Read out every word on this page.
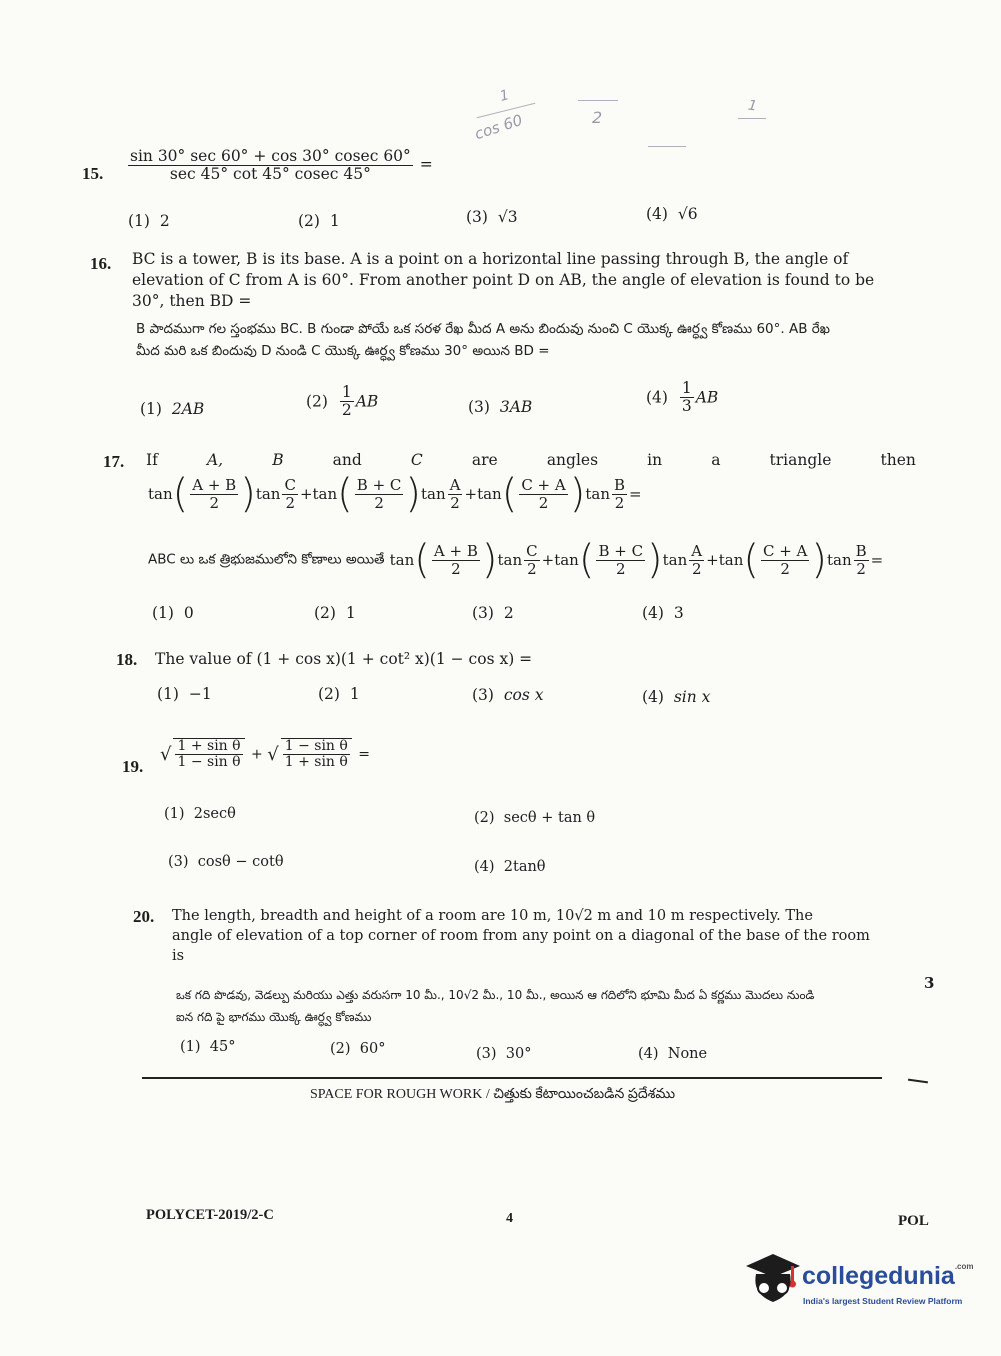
cos 60
1
2
1
15. $\frac{\sin 30^\circ \sec 60^\circ + \cos 30^\circ cosec 60^\circ}{\sec 45^\circ \cot 45^\circ cosec 45^\circ}$ =
(1) 2	(2) 1	(3) √3	(4) √6
16. BC is a tower, B is its base. A is a point on a horizontal line passing through B, the angle of
elevation of C from A is 60°. From another point D on AB, the angle of elevation is found to be
30°, then BD =
B పాదముగా గల స్తంభము BC. B గుండా పోయే ఒక సరళ రేఖ మీద A అను బిందువు నుంచి C యొక్క ఊర్ధ్వ కోణము 60°. AB రేఖ
మీద మరి ఒక బిందువు D నుండి C యొక్క ఊర్ధ్వ కోణము 30° అయిన BD =
(1) 2AB	$(2) \frac{1}{2}$ AB	(3) 3AB
$(4) \frac{1}{3}$ AB
17. If	A,	B	and	C	are	angles	in	a	triangle	then
$\tan( \frac{A + B}{2} )\tan \frac{C}{2} +\tan( \frac{B + C}{2} )\tan \frac{A}{2} +\tan( \frac{C + A}{2} )\tan \frac{B}{2}$ =
ABC లు ఒక త్రిభుజములోని కోణాలు అయితే $\tan( \frac{A + B}{2} )\tan \frac{C}{2} +\tan( \frac{B + C}{2} )\tan \frac{A}{2} +\tan( \frac{C + A}{2} )\tan \frac{B}{2}$ =
(1) 0	(2) 1	(3) 2	(4) 3
18. The value of (1 + cos x)(1 + cot² x)(1 − cos x) =
(1) −1	(2) 1	(3) cos x	(4) sin x
19.
√ $\frac{\text{1 + sin θ}}{\text{1 − sin θ}}$ + √ $\frac{\text{1 − sin θ}}{\text{1 + sin θ}}$ =
(1) 2secθ	(2) secθ + tan θ
(3) cosθ − cotθ	(4) 2tanθ
20. The length, breadth and height of a room are 10 m, 10√2 m and 10 m respectively. The
angle of elevation of a top corner of room from any point on a diagonal of the base of the room
is
ఒక గది పొడవు, వెడల్పు మరియు ఎత్తు వరుసగా 10 మీ., 10√2 మీ., 10 మీ., అయిన ఆ గదిలోని భూమి మీద ఏ కర్ణము మొదలు నుండి
ఐన గది పై భాగము యొక్క ఊర్ధ్వ కోణము
(1) 45°	(2) 60°	(3) 30°	(4) None
3
SPACE FOR ROUGH WORK / చిత్తుకు కేటాయించబడిన ప్రదేశము
POLYCET-2019/2-C	4	POL
collegedunia$^{.com}$
India's largest Student Review Platform
